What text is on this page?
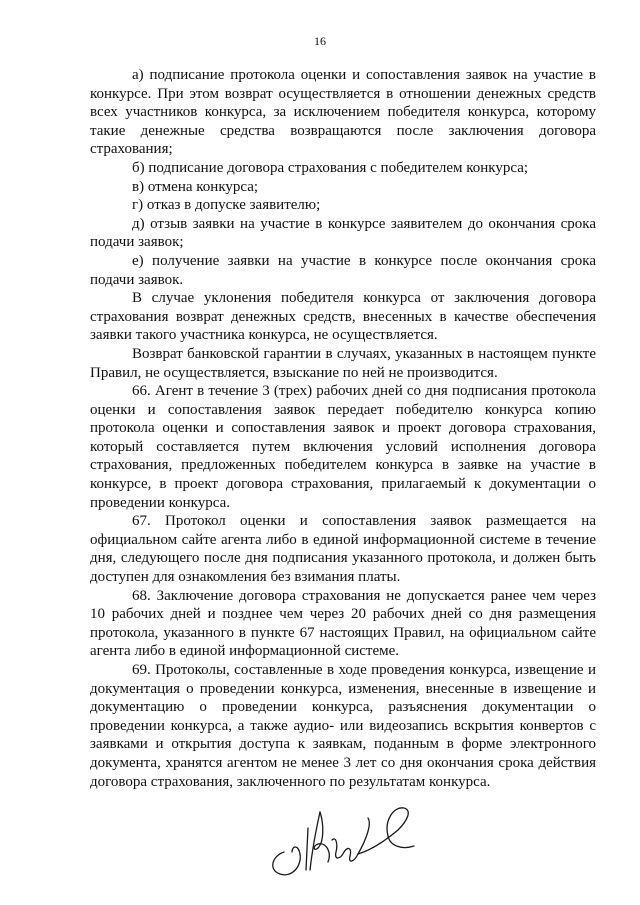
16

а) подписание протокола оценки и сопоставления заявок на участие в конкурсе. При этом возврат осуществляется в отношении денежных средств всех участников конкурса, за исключением победителя конкурса, которому такие денежные средства возвращаются после заключения договора страхования;

б) подписание договора страхования с победителем конкурса;

в) отмена конкурса;

г) отказ в допуске заявителю;

д) отзыв заявки на участие в конкурсе заявителем до окончания срока подачи заявок;

е) получение заявки на участие в конкурсе после окончания срока подачи заявок.

В случае уклонения победителя конкурса от заключения договора страхования возврат денежных средств, внесенных в качестве обеспечения заявки такого участника конкурса, не осуществляется.

Возврат банковской гарантии в случаях, указанных в настоящем пункте Правил, не осуществляется, взыскание по ней не производится.

66. Агент в течение 3 (трех) рабочих дней со дня подписания протокола оценки и сопоставления заявок передает победителю конкурса копию протокола оценки и сопоставления заявок и проект договора страхования, который составляется путем включения условий исполнения договора страхования, предложенных победителем конкурса в заявке на участие в конкурсе, в проект договора страхования, прилагаемый к документации о проведении конкурса.

67. Протокол оценки и сопоставления заявок размещается на официальном сайте агента либо в единой информационной системе в течение дня, следующего после дня подписания указанного протокола, и должен быть доступен для ознакомления без взимания платы.

68. Заключение договора страхования не допускается ранее чем через 10 рабочих дней и позднее чем через 20 рабочих дней со дня размещения протокола, указанного в пункте 67 настоящих Правил, на официальном сайте агента либо в единой информационной системе.

69. Протоколы, составленные в ходе проведения конкурса, извещение и документация о проведении конкурса, изменения, внесенные в извещение и документацию о проведении конкурса, разъяснения документации о проведении конкурса, а также аудио- или видеозапись вскрытия конвертов с заявками и открытия доступа к заявкам, поданным в форме электронного документа, хранятся агентом не менее 3 лет со дня окончания срока действия договора страхования, заключенного по результатам конкурса.
